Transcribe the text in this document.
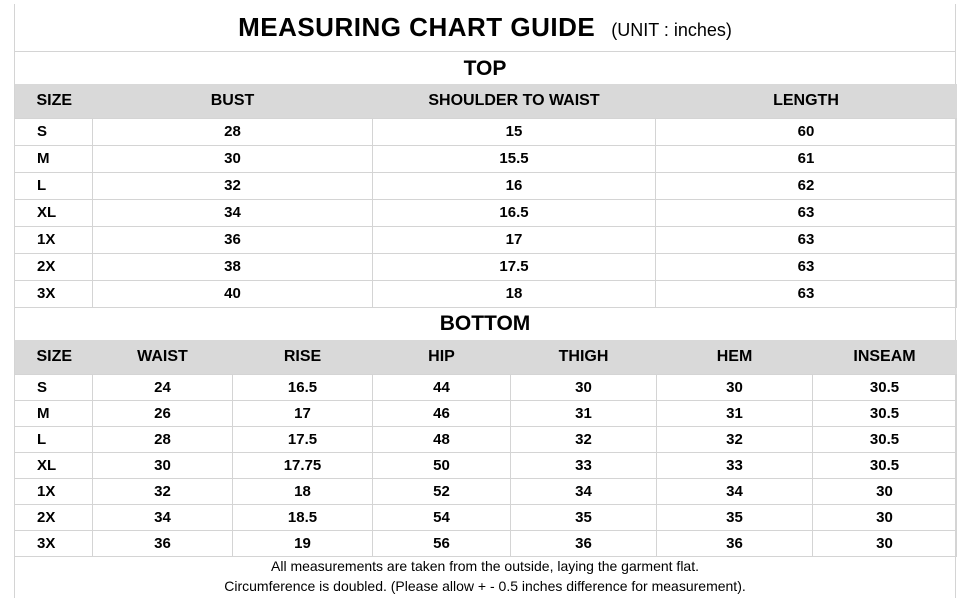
MEASURING CHART GUIDE (UNIT : inches)
TOP
SIZE	BUST	SHOULDER TO WAIST	LENGTH
S	28	15	60
M	30	15.5	61
L	32	16	62
XL	34	16.5	63
1X	36	17	63
2X	38	17.5	63
3X	40	18	63
BOTTOM
SIZE	WAIST	RISE	HIP	THIGH	HEM	INSEAM
S	24	16.5	44	30	30	30.5
M	26	17	46	31	31	30.5
L	28	17.5	48	32	32	30.5
XL	30	17.75	50	33	33	30.5
1X	32	18	52	34	34	30
2X	34	18.5	54	35	35	30
3X	36	19	56	36	36	30
All measurements are taken from the outside, laying the garment flat.
Circumference is doubled. (Please allow + - 0.5 inches difference for measurement).
